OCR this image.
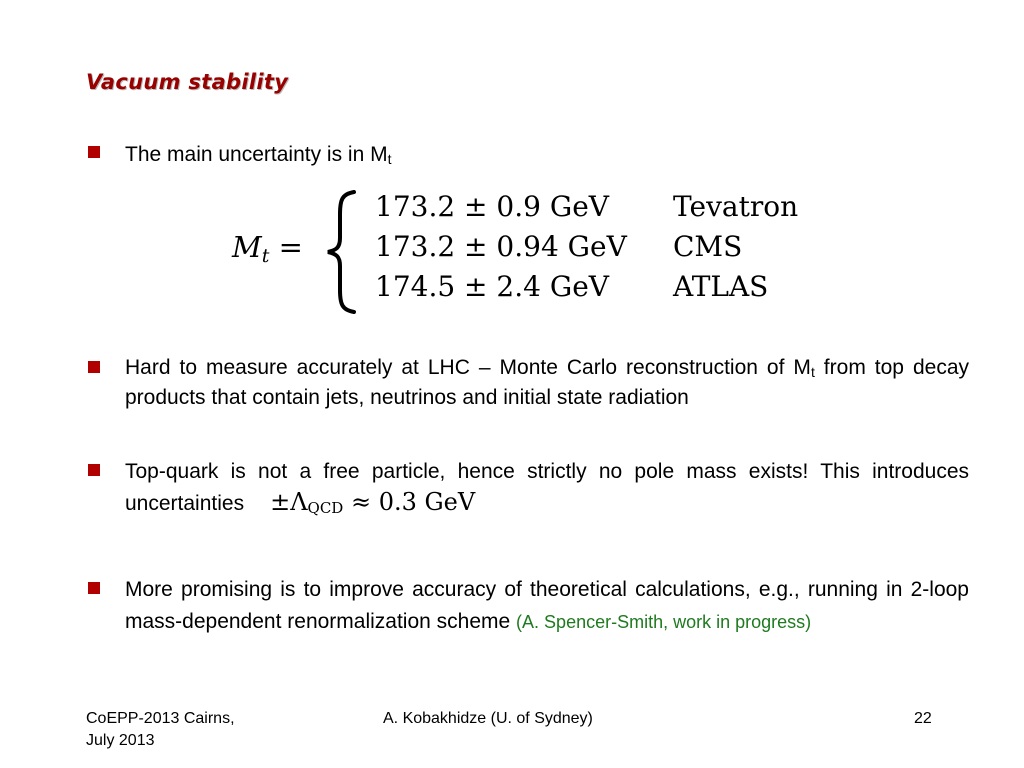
Vacuum stability
The main uncertainty is in $M_t$
$M_t$ =
173.2 ± 0.9 GeV Tevatron
173.2 ± 0.94 GeV CMS
174.5 ± 2.4 GeV ATLAS
Hard to measure accurately at LHC – Monte Carlo reconstruction of $M_t$ from top decay products that contain jets, neutrinos and initial state radiation
Top-quark is not a free particle, hence strictly no pole mass exists! This introduces uncertainties $\pm\Lambda_{QCD} \approx 0.3$ GeV
More promising is to improve accuracy of theoretical calculations, e.g., running in 2-loop mass-dependent renormalization scheme (A. Spencer-Smith, work in progress)
CoEPP-2013 Cairns,
July 2013
A. Kobakhidze (U. of Sydney)	22
